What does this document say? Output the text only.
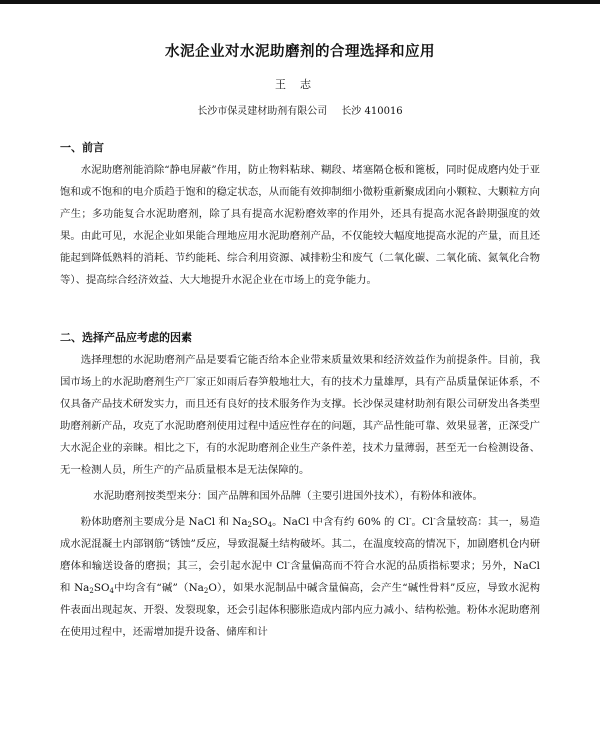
水泥企业对水泥助磨剂的合理选择和应用
王志
长沙市保灵建材助剂有限公司 长沙 410016
一、前言

水泥助磨剂能消除“静电屏蔽”作用，防止物料粘球、糊段、堵塞隔仓板和篦板，同时促成磨内处于亚饱和或不饱和的电介质趋于饱和的稳定状态，从而能有效抑制细小微粉重新聚成团向小颗粒、大颗粒方向产生；多功能复合水泥助磨剂，除了具有提高水泥粉磨效率的作用外，还具有提高水泥各龄期强度的效果。由此可见，水泥企业如果能合理地应用水泥助磨剂产品，不仅能较大幅度地提高水泥的产量，而且还能起到降低熟料的消耗、节约能耗、综合利用资源、减排粉尘和废气（二氧化碳、二氧化硫、氮氧化合物等）、提高综合经济效益、大大地提升水泥企业在市场上的竞争能力。

二、选择产品应考虑的因素

选择理想的水泥助磨剂产品是要看它能否给本企业带来质量效果和经济效益作为前提条件。目前，我国市场上的水泥助磨剂生产厂家正如雨后春笋般地壮大，有的技术力量雄厚，具有产品质量保证体系，不仅具备产品技术研发实力，而且还有良好的技术服务作为支撑。长沙保灵建材助剂有限公司研发出各类型助磨剂新产品，攻克了水泥助磨剂使用过程中适应性存在的问题，其产品性能可靠、效果显著，正深受广大水泥企业的亲睐。相比之下，有的水泥助磨剂企业生产条件差，技术力量薄弱，甚至无一台检测设备、无一检测人员，所生产的产品质量根本是无法保障的。

水泥助磨剂按类型来分：国产品牌和国外品牌（主要引进国外技术），有粉体和液体。

粉体助磨剂主要成分是 NaCl 和 $Na_2SO_4$。NaCl 中含有约 60% 的 Cl-。Cl-含量较高：其一，易造成水泥混凝土内部钢筋“锈蚀”反应，导致混凝土结构破坏。其二，在温度较高的情况下，加剧磨机仓内研磨体和输送设备的磨损；其三，会引起水泥中 Cl-含量偏高而不符合水泥的品质指标要求；另外，NaCl 和 $Na_2SO_4$中均含有“碱$”(Na_2O)$，如果水泥制品中碱含量偏高，会产生“碱性骨料”反应，导致水泥构件表面出现起灰、开裂、发裂现象，还会引起体积膨胀造成内部内应力减小、结构松弛。粉体水泥助磨剂在使用过程中，还需增加提升设备、储库和计
